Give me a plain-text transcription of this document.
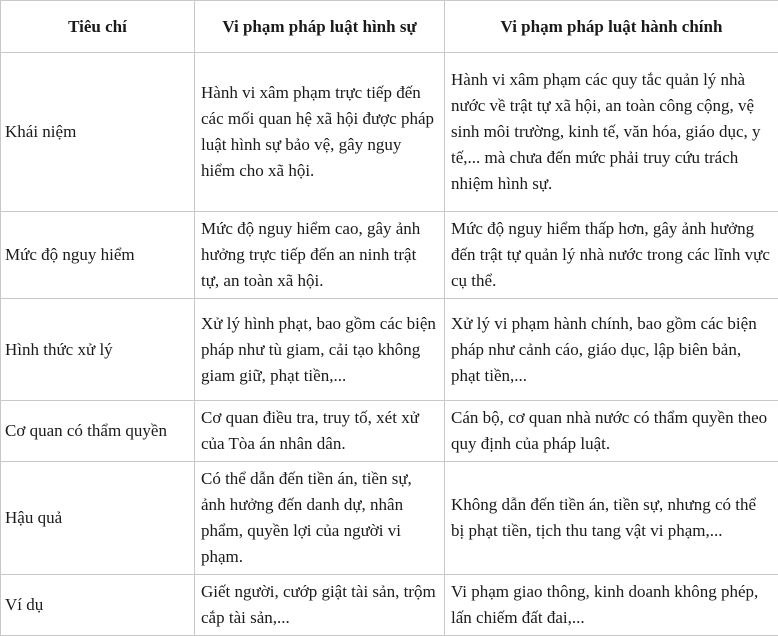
Tiêu chí	Vi phạm pháp luật hình sự	Vi phạm pháp luật hành chính
Khái niệm	Hành vi xâm phạm trực tiếp đến các mối quan hệ xã hội được pháp luật hình sự bảo vệ, gây nguy hiểm cho xã hội.	Hành vi xâm phạm các quy tắc quản lý nhà nước về trật tự xã hội, an toàn công cộng, vệ sinh môi trường, kinh tế, văn hóa, giáo dục, y tế,... mà chưa đến mức phải truy cứu trách nhiệm hình sự.
Mức độ nguy hiểm	Mức độ nguy hiểm cao, gây ảnh hưởng trực tiếp đến an ninh trật tự, an toàn xã hội.	Mức độ nguy hiểm thấp hơn, gây ảnh hưởng đến trật tự quản lý nhà nước trong các lĩnh vực cụ thể.
Hình thức xử lý	Xử lý hình phạt, bao gồm các biện pháp như tù giam, cải tạo không giam giữ, phạt tiền,...	Xử lý vi phạm hành chính, bao gồm các biện pháp như cảnh cáo, giáo dục, lập biên bản, phạt tiền,...
Cơ quan có thẩm quyền	Cơ quan điều tra, truy tố, xét xử của Tòa án nhân dân.	Cán bộ, cơ quan nhà nước có thẩm quyền theo quy định của pháp luật.
Hậu quả	Có thể dẫn đến tiền án, tiền sự, ảnh hưởng đến danh dự, nhân phẩm, quyền lợi của người vi phạm.	Không dẫn đến tiền án, tiền sự, nhưng có thể bị phạt tiền, tịch thu tang vật vi phạm,...
Ví dụ	Giết người, cướp giật tài sản, trộm cắp tài sản,...	Vi phạm giao thông, kinh doanh không phép, lấn chiếm đất đai,...
